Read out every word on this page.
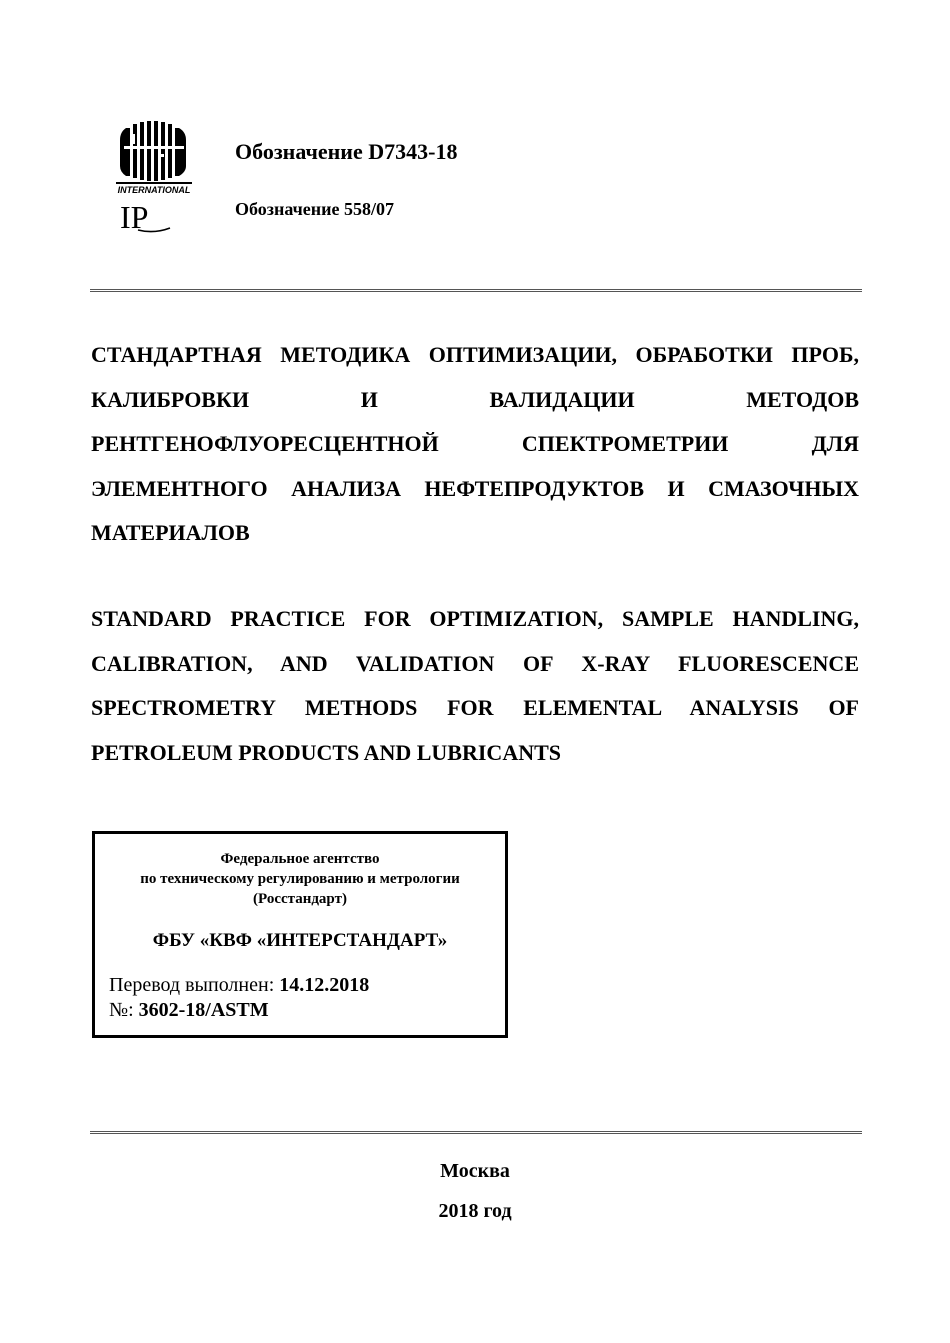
INTERNATIONAL
IP
Обозначение D7343-18
Обозначение 558/07
СТАНДАРТНАЯ МЕТОДИКА ОПТИМИЗАЦИИ, ОБРАБОТКИ ПРОБ, КАЛИБРОВКИ И ВАЛИДАЦИИ МЕТОДОВ РЕНТГЕНОФЛУОРЕСЦЕНТНОЙ СПЕКТРОМЕТРИИ ДЛЯ ЭЛЕМЕНТНОГО АНАЛИЗА НЕФТЕПРОДУКТОВ И СМАЗОЧНЫХ МАТЕРИАЛОВ
STANDARD PRACTICE FOR OPTIMIZATION, SAMPLE HANDLING, CALIBRATION, AND VALIDATION OF X-RAY FLUORESCENCE SPECTROMETRY METHODS FOR ELEMENTAL ANALYSIS OF PETROLEUM PRODUCTS AND LUBRICANTS
Федеральное агентство
по техническому регулированию и метрологии
(Росстандарт)
ФБУ «КВФ «ИНТЕРСТАНДАРТ»
Перевод выполнен: 14.12.2018
№: 3602-18/ASTM
Москва
2018 год
